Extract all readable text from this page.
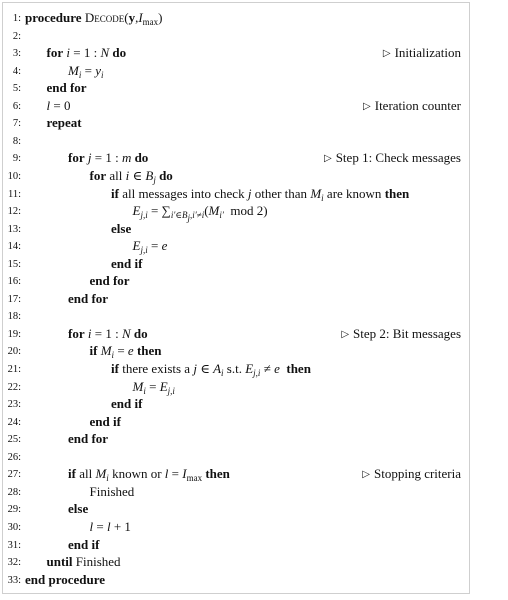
1: procedure $Decode(y,I_{max})$
2:
3: for i = 1 : N do	▷ Initialization
4:	$M_i = y_i$
5: end for
6: l = 0	▷ Iteration counter
7: repeat
8:
9:	for j = 1 : m do	▷ Step 1: Check messages
10:	for all i ∈ $B_j$ do
11:	if all messages into check j other than $M_i$ are known then
12:	$E_{j,i} = \sum_{i'\in B_j,i'\ne i}(M_{i'}$  mod 2)
13:	else
14:	$E_{j,i} = e$
15:	end if
16:	end for
17:	end for
18:
19:	for i = 1 : N do	▷ Step 2: Bit messages
20:	if $M_i = e$ then
21:	if there exists a j ∈ $A_i$ s.t. $E_{j,i} \ne e$ then
22:	$M_i = E_{j,i}$
23:	end if
24:	end if
25:	end for
26:
27:	if all $M_i$ known or $l = I_{max}$ then	▷ Stopping criteria
28:	Finished
29:	else
30:	l = l + 1
31:	end if
32: until Finished
33: end procedure
